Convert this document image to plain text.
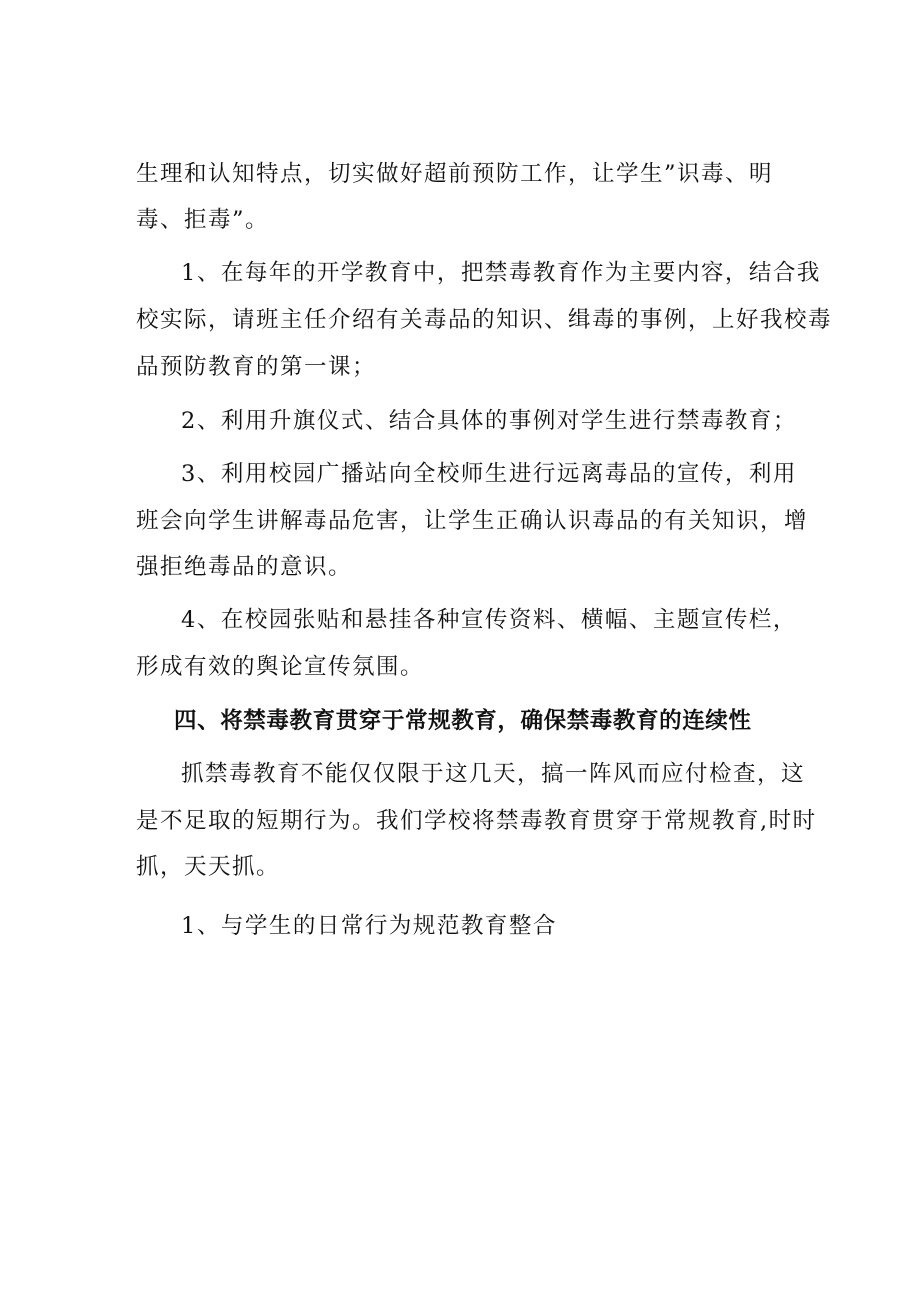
生理和认知特点，切实做好超前预防工作，让学生”识毒、明

毒、拒毒”。

1、在每年的开学教育中，把禁毒教育作为主要内容，结合我

校实际，请班主任介绍有关毒品的知识、缉毒的事例，上好我校毒

品预防教育的第一课；

2、利用升旗仪式、结合具体的事例对学生进行禁毒教育；

3、利用校园广播站向全校师生进行远离毒品的宣传，利用

班会向学生讲解毒品危害，让学生正确认识毒品的有关知识，增

强拒绝毒品的意识。

4、在校园张贴和悬挂各种宣传资料、横幅、主题宣传栏，

形成有效的舆论宣传氛围。

四、将禁毒教育贯穿于常规教育，确保禁毒教育的连续性

抓禁毒教育不能仅仅限于这几天，搞一阵风而应付检查，这

是不足取的短期行为。我们学校将禁毒教育贯穿于常规教育,时时

抓，天天抓。

1、与学生的日常行为规范教育整合
